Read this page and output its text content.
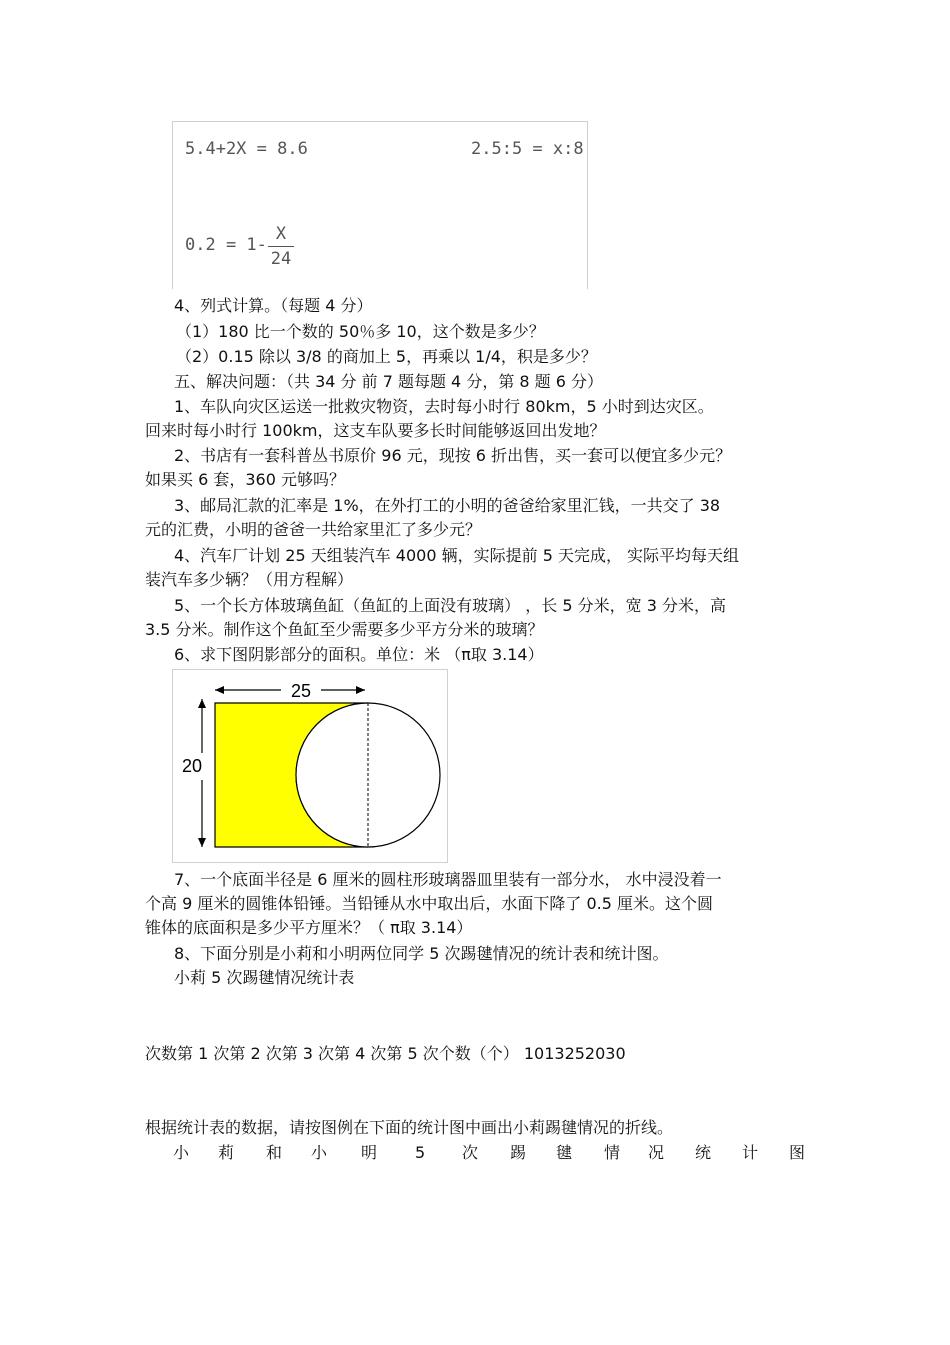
5.4+2X = 8.6	2.5:5 = x:8
0.2 = 1-
X
24
4、列式计算。（每题 4 分）
（1）180 比一个数的 50％多 10，这个数是多少？
（2）0.15 除以 3/8 的商加上 5，再乘以 1/4，积是多少？
五、解决问题：（共 34 分 前 7 题每题 4 分，第 8 题 6 分）
1、车队向灾区运送一批救灾物资，去时每小时行 80km，5 小时到达灾区。
回来时每小时行 100km，这支车队要多长时间能够返回出发地？
2、书店有一套科普丛书原价 96 元，现按 6 折出售，买一套可以便宜多少元？
如果买 6 套，360 元够吗？
3、邮局汇款的汇率是 1%，在外打工的小明的爸爸给家里汇钱，一共交了 38
元的汇费，小明的爸爸一共给家里汇了多少元？
4、汽车厂计划 25 天组装汽车 4000 辆，实际提前 5 天完成， 实际平均每天组
装汽车多少辆？（用方程解）
5、一个长方体玻璃鱼缸（鱼缸的上面没有玻璃） ，长 5 分米，宽 3 分米，高
3.5 分米。制作这个鱼缸至少需要多少平方分米的玻璃？
6、求下图阴影部分的面积。单位：米 （π取 3.14）
25
20
7、一个底面半径是 6 厘米的圆柱形玻璃器皿里装有一部分水， 水中浸没着一
个高 9 厘米的圆锥体铅锤。当铅锤从水中取出后，水面下降了 0.5 厘米。这个圆
锥体的底面积是多少平方厘米？（ π取 3.14）
8、下面分别是小莉和小明两位同学 5 次踢毽情况的统计表和统计图。
小莉 5 次踢毽情况统计表
次数第 1 次第 2 次第 3 次第 4 次第 5 次个数（个） 1013252030
根据统计表的数据，请按图例在下面的统计图中画出小莉踢毽情况的折线。
小 莉 和 小 明 5 次 踢 毽 情 况 统 计 图
